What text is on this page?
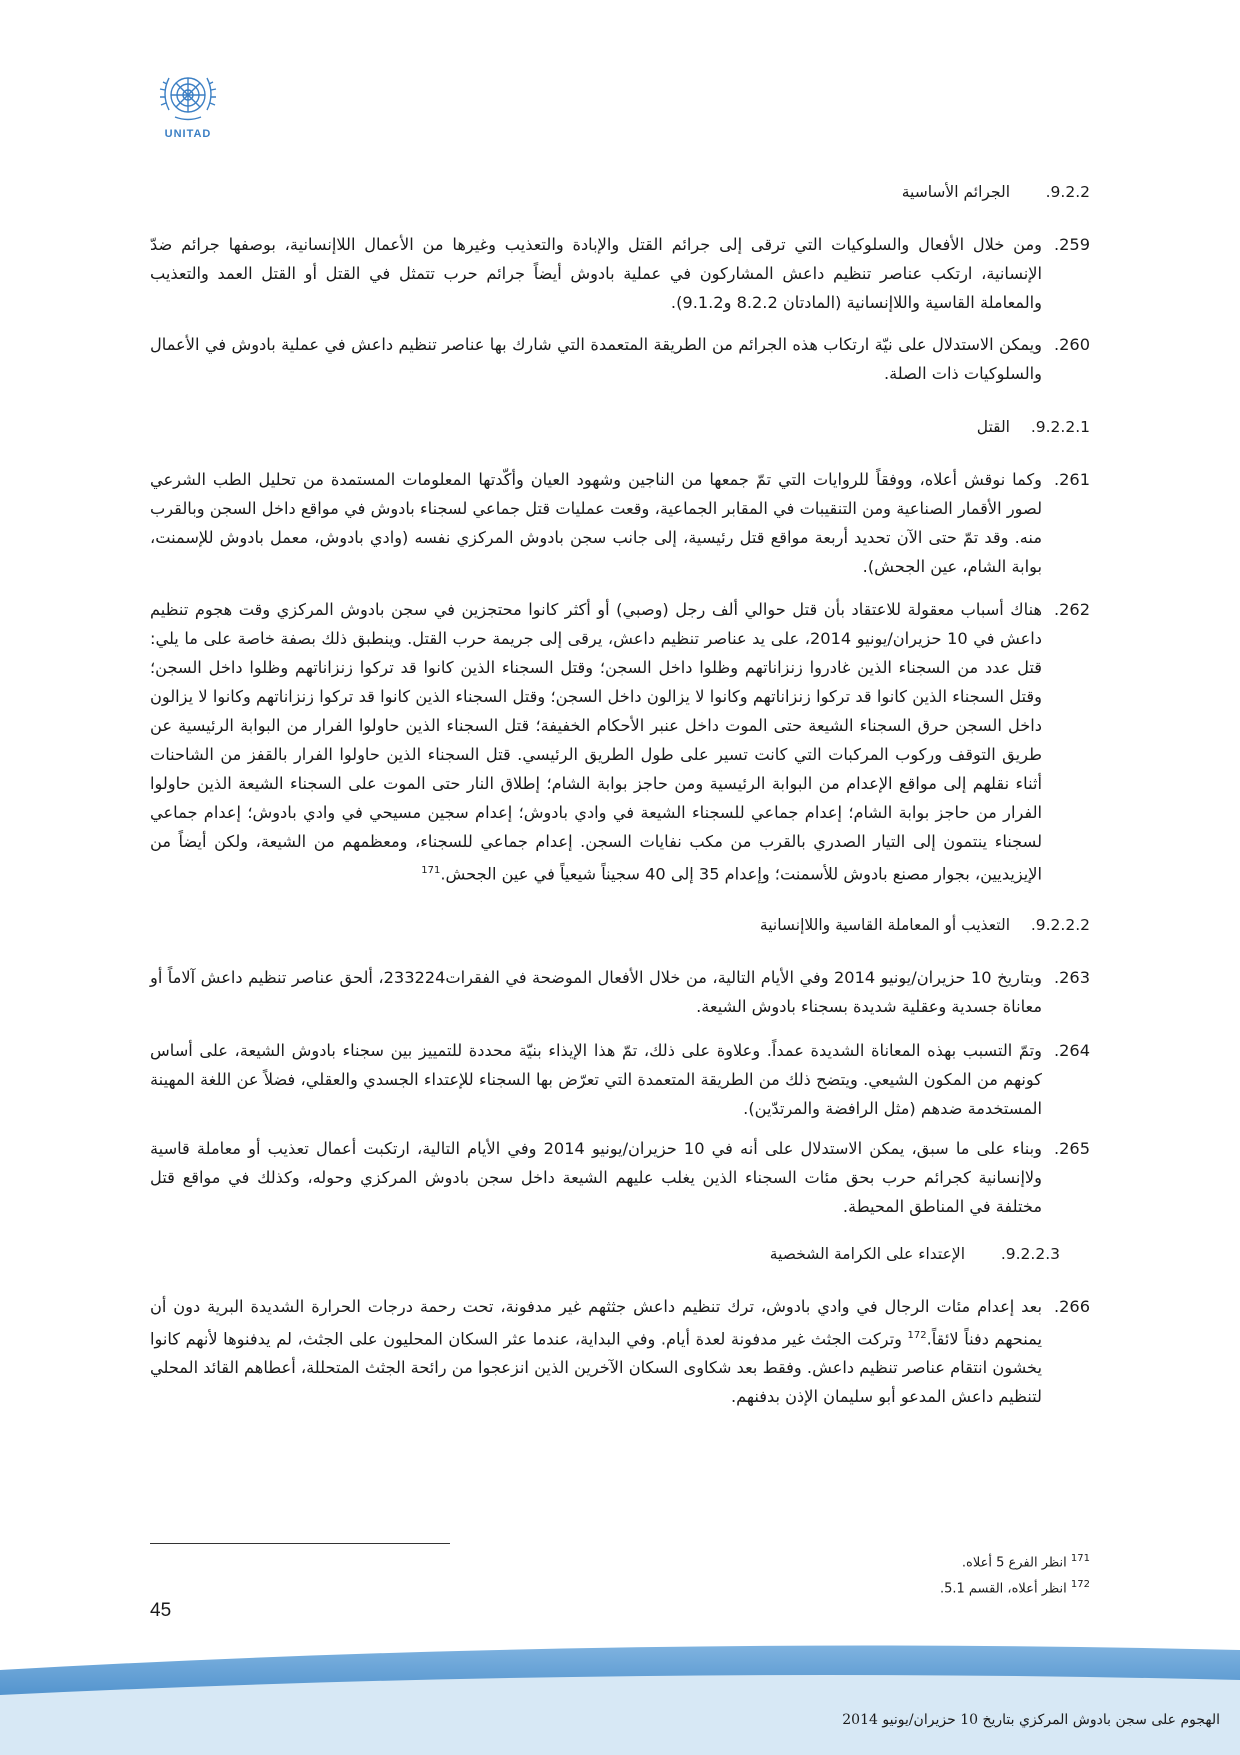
UNITAD
9.2.2.
الجرائم الأساسية
259.
ومن خلال الأفعال والسلوكيات التي ترقى إلى جرائم القتل والإبادة والتعذيب وغيرها من الأعمال اللاإنسانية، بوصفها جرائم ضدّ الإنسانية، ارتكب عناصر تنظيم داعش المشاركون في عملية بادوش أيضاً جرائم حرب تتمثل في القتل أو القتل العمد والتعذيب والمعاملة القاسية واللاإنسانية (المادتان 8.2.2 و9.1.2).
260.
ويمكن الاستدلال على نيّة ارتكاب هذه الجرائم من الطريقة المتعمدة التي شارك بها عناصر تنظيم داعش في عملية بادوش في الأعمال والسلوكيات ذات الصلة.
9.2.2.1.
القتل
261.
وكما نوقش أعلاه، ووفقاً للروايات التي تمّ جمعها من الناجين وشهود العيان وأكّدتها المعلومات المستمدة من تحليل الطب الشرعي لصور الأقمار الصناعية ومن التنقيبات في المقابر الجماعية، وقعت عمليات قتل جماعي لسجناء بادوش في مواقع داخل السجن وبالقرب منه. وقد تمّ حتى الآن تحديد أربعة مواقع قتل رئيسية، إلى جانب سجن بادوش المركزي نفسه (وادي بادوش، معمل بادوش للإسمنت، بوابة الشام، عين الجحش).
262.
هناك أسباب معقولة للاعتقاد بأن قتل حوالي ألف رجل (وصبي) أو أكثر كانوا محتجزين في سجن بادوش المركزي وقت هجوم تنظيم داعش في 10 حزيران/يونيو 2014، على يد عناصر تنظيم داعش، يرقى إلى جريمة حرب القتل. وينطبق ذلك بصفة خاصة على ما يلي: قتل عدد من السجناء الذين غادروا زنزاناتهم وظلوا داخل السجن؛ وقتل السجناء الذين كانوا قد تركوا زنزاناتهم وظلوا داخل السجن؛ وقتل السجناء الذين كانوا قد تركوا زنزاناتهم وكانوا لا يزالون داخل السجن؛ وقتل السجناء الذين كانوا قد تركوا زنزاناتهم وكانوا لا يزالون داخل السجن حرق السجناء الشيعة حتى الموت داخل عنبر الأحكام الخفيفة؛ قتل السجناء الذين حاولوا الفرار من البوابة الرئيسية عن طريق التوقف وركوب المركبات التي كانت تسير على طول الطريق الرئيسي. قتل السجناء الذين حاولوا الفرار بالقفز من الشاحنات أثناء نقلهم إلى مواقع الإعدام من البوابة الرئيسية ومن حاجز بوابة الشام؛ إطلاق النار حتى الموت على السجناء الشيعة الذين حاولوا الفرار من حاجز بوابة الشام؛ إعدام جماعي للسجناء الشيعة في وادي بادوش؛ إعدام سجين مسيحي في وادي بادوش؛ إعدام جماعي لسجناء ينتمون إلى التيار الصدري بالقرب من مكب نفايات السجن. إعدام جماعي للسجناء، ومعظمهم من الشيعة، ولكن أيضاً من الإيزيديين، بجوار مصنع بادوش للأسمنت؛ وإعدام 35 إلى 40 سجيناً شيعياً في عين الجحش.$^{171}$
9.2.2.2.
التعذيب أو المعاملة القاسية واللاإنسانية
263.
وبتاريخ 10 حزيران/يونيو 2014 وفي الأيام التالية، من خلال الأفعال الموضحة في الفقرات233224، ألحق عناصر تنظيم داعش آلاماً أو معاناة جسدية وعقلية شديدة بسجناء بادوش الشيعة.
264.
وتمّ التسبب بهذه المعاناة الشديدة عمداً. وعلاوة على ذلك، تمّ هذا الإيذاء بنيّة محددة للتمييز بين سجناء بادوش الشيعة، على أساس كونهم من المكون الشيعي. ويتضح ذلك من الطريقة المتعمدة التي تعرّض بها السجناء للإعتداء الجسدي والعقلي، فضلاً عن اللغة المهينة المستخدمة ضدهم (مثل الرافضة والمرتدّين).
265.
وبناء على ما سبق، يمكن الاستدلال على أنه في 10 حزيران/يونيو 2014 وفي الأيام التالية، ارتكبت أعمال تعذيب أو معاملة قاسية ولاإنسانية كجرائم حرب بحق مئات السجناء الذين يغلب عليهم الشيعة داخل سجن بادوش المركزي وحوله، وكذلك في مواقع قتل مختلفة في المناطق المحيطة.
9.2.2.3.
الإعتداء على الكرامة الشخصية
266.
بعد إعدام مئات الرجال في وادي بادوش، ترك تنظيم داعش جثثهم غير مدفونة، تحت رحمة درجات الحرارة الشديدة البرية دون أن يمنحهم دفناً لائقاً.$^{172}$ وتركت الجثث غير مدفونة لعدة أيام. وفي البداية، عندما عثر السكان المحليون على الجثث، لم يدفنوها لأنهم كانوا يخشون انتقام عناصر تنظيم داعش. وفقط بعد شكاوى السكان الآخرين الذين انزعجوا من رائحة الجثث المتحللة، أعطاهم القائد المحلي لتنظيم داعش المدعو أبو سليمان الإذن بدفنهم.
$^{171}$ انظر الفرع 5 أعلاه.
$^{172}$ انظر أعلاه، القسم 5.1.
45
الهجوم على سجن بادوش المركزي بتاريخ 10 حزيران/يونيو 2014
